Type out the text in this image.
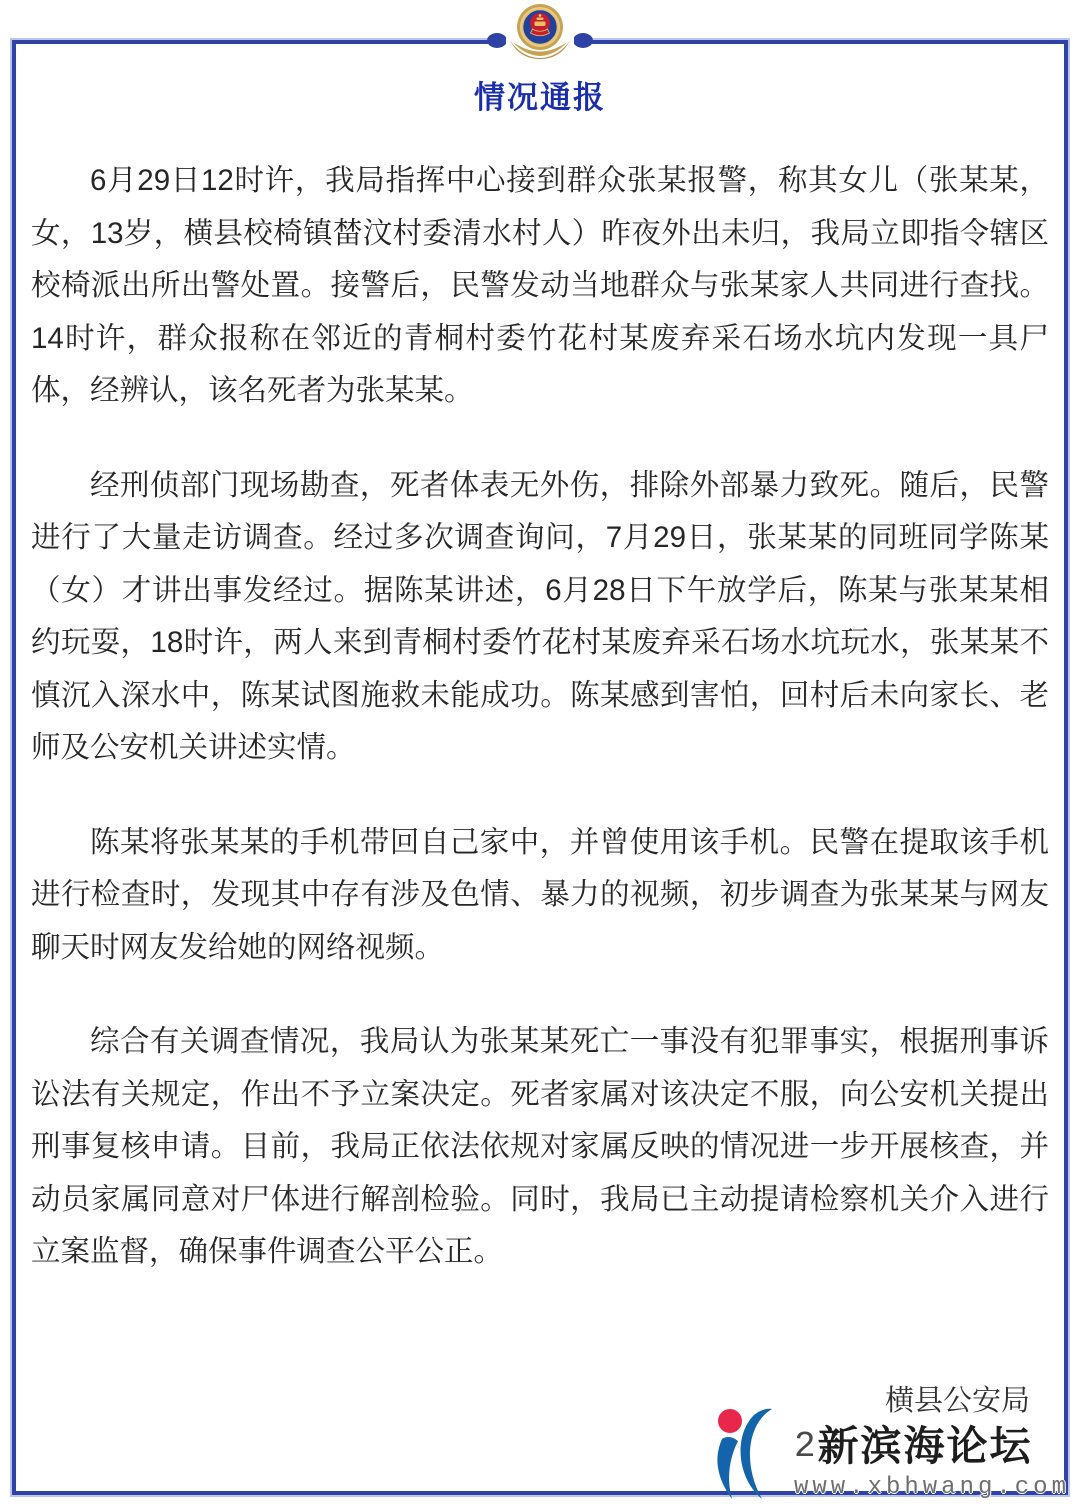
情况通报

6月29日12时许，我局指挥中心接到群众张某报警，称其女儿（张某某，女，13岁，横县校椅镇榃汶村委清水村人）昨夜外出未归，我局立即指令辖区校椅派出所出警处置。接警后，民警发动当地群众与张某家人共同进行查找。14时许，群众报称在邻近的青桐村委竹花村某废弃采石场水坑内发现一具尸体，经辨认，该名死者为张某某。

经刑侦部门现场勘查，死者体表无外伤，排除外部暴力致死。随后，民警进行了大量走访调查。经过多次调查询问，7月29日，张某某的同班同学陈某（女）才讲出事发经过。据陈某讲述，6月28日下午放学后，陈某与张某某相约玩耍，18时许，两人来到青桐村委竹花村某废弃采石场水坑玩水，张某某不慎沉入深水中，陈某试图施救未能成功。陈某感到害怕，回村后未向家长、老师及公安机关讲述实情。

陈某将张某某的手机带回自己家中，并曾使用该手机。民警在提取该手机进行检查时，发现其中存有涉及色情、暴力的视频，初步调查为张某某与网友聊天时网友发给她的网络视频。

综合有关调查情况，我局认为张某某死亡一事没有犯罪事实，根据刑事诉讼法有关规定，作出不予立案决定。死者家属对该决定不服，向公安机关提出刑事复核申请。目前，我局正依法依规对家属反映的情况进一步开展核查，并动员家属同意对尸体进行解剖检验。同时，我局已主动提请检察机关介入进行立案监督，确保事件调查公平公正。

横县公安局
2 新滨海论坛
www.xbhwang.com
